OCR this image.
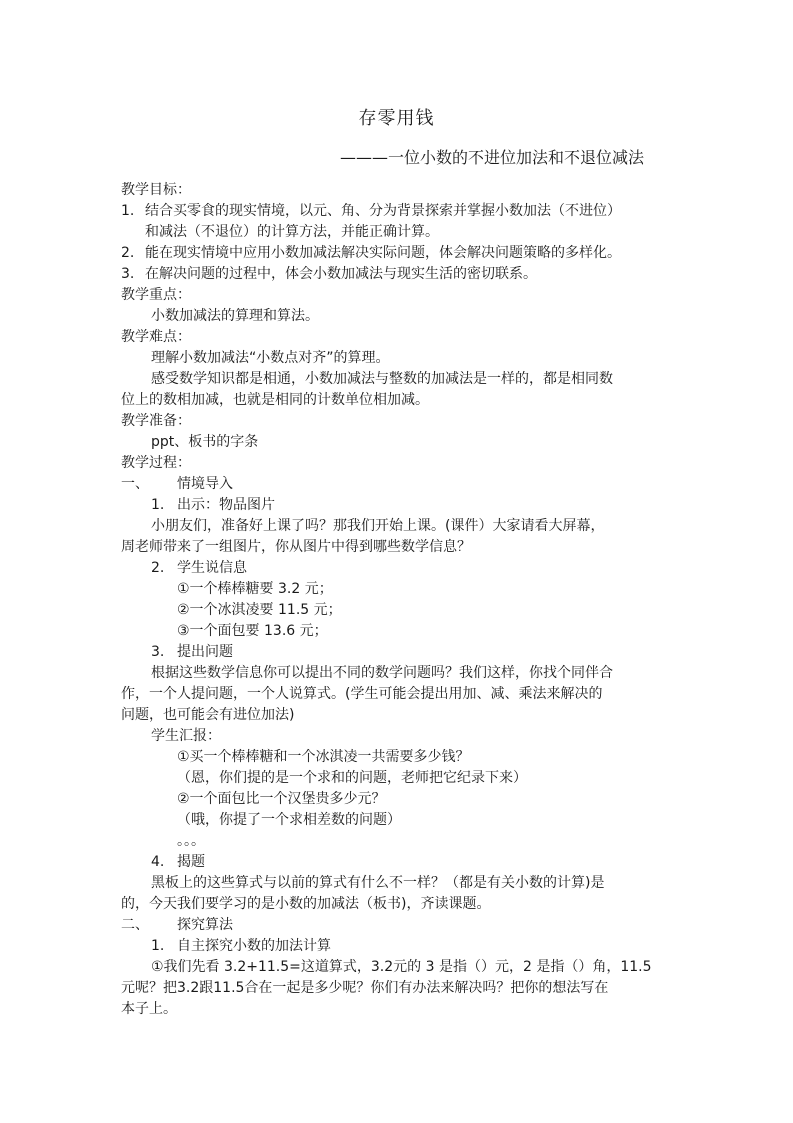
存零用钱
———一位小数的不进位加法和不退位减法
教学目标：
1. 结合买零食的现实情境，以元、角、分为背景探索并掌握小数加法（不进位）
和减法（不退位）的计算方法，并能正确计算。
2. 能在现实情境中应用小数加减法解决实际问题，体会解决问题策略的多样化。
3. 在解决问题的过程中，体会小数加减法与现实生活的密切联系。
教学重点：
小数加减法的算理和算法。
教学难点：
理解小数加减法“小数点对齐”的算理。
感受数学知识都是相通，小数加减法与整数的加减法是一样的，都是相同数
位上的数相加减，也就是相同的计数单位相加减。
教学准备：
ppt、板书的字条
教学过程：
一、 情境导入
1. 出示：物品图片
小朋友们，准备好上课了吗？那我们开始上课。(课件）大家请看大屏幕，
周老师带来了一组图片，你从图片中得到哪些数学信息？
2. 学生说信息
①一个棒棒糖要 3.2 元；
②一个冰淇凌要 11.5 元；
③一个面包要 13.6 元；
3. 提出问题
根据这些数学信息你可以提出不同的数学问题吗？我们这样，你找个同伴合
作，一个人提问题，一个人说算式。(学生可能会提出用加、减、乘法来解决的
问题，也可能会有进位加法)
学生汇报：
①买一个棒棒糖和一个冰淇凌一共需要多少钱？
（恩，你们提的是一个求和的问题，老师把它纪录下来）
②一个面包比一个汉堡贵多少元？
（哦，你提了一个求相差数的问题）
。。。
4. 揭题
黑板上的这些算式与以前的算式有什么不一样？（都是有关小数的计算)是
的，今天我们要学习的是小数的加减法（板书)，齐读课题。
二、 探究算法
1. 自主探究小数的加法计算
①我们先看 3.2+11.5=这道算式，3.2元的 3 是指（）元，2 是指（）角，11.5
元呢？把3.2跟11.5合在一起是多少呢？你们有办法来解决吗？把你的想法写在
本子上。
